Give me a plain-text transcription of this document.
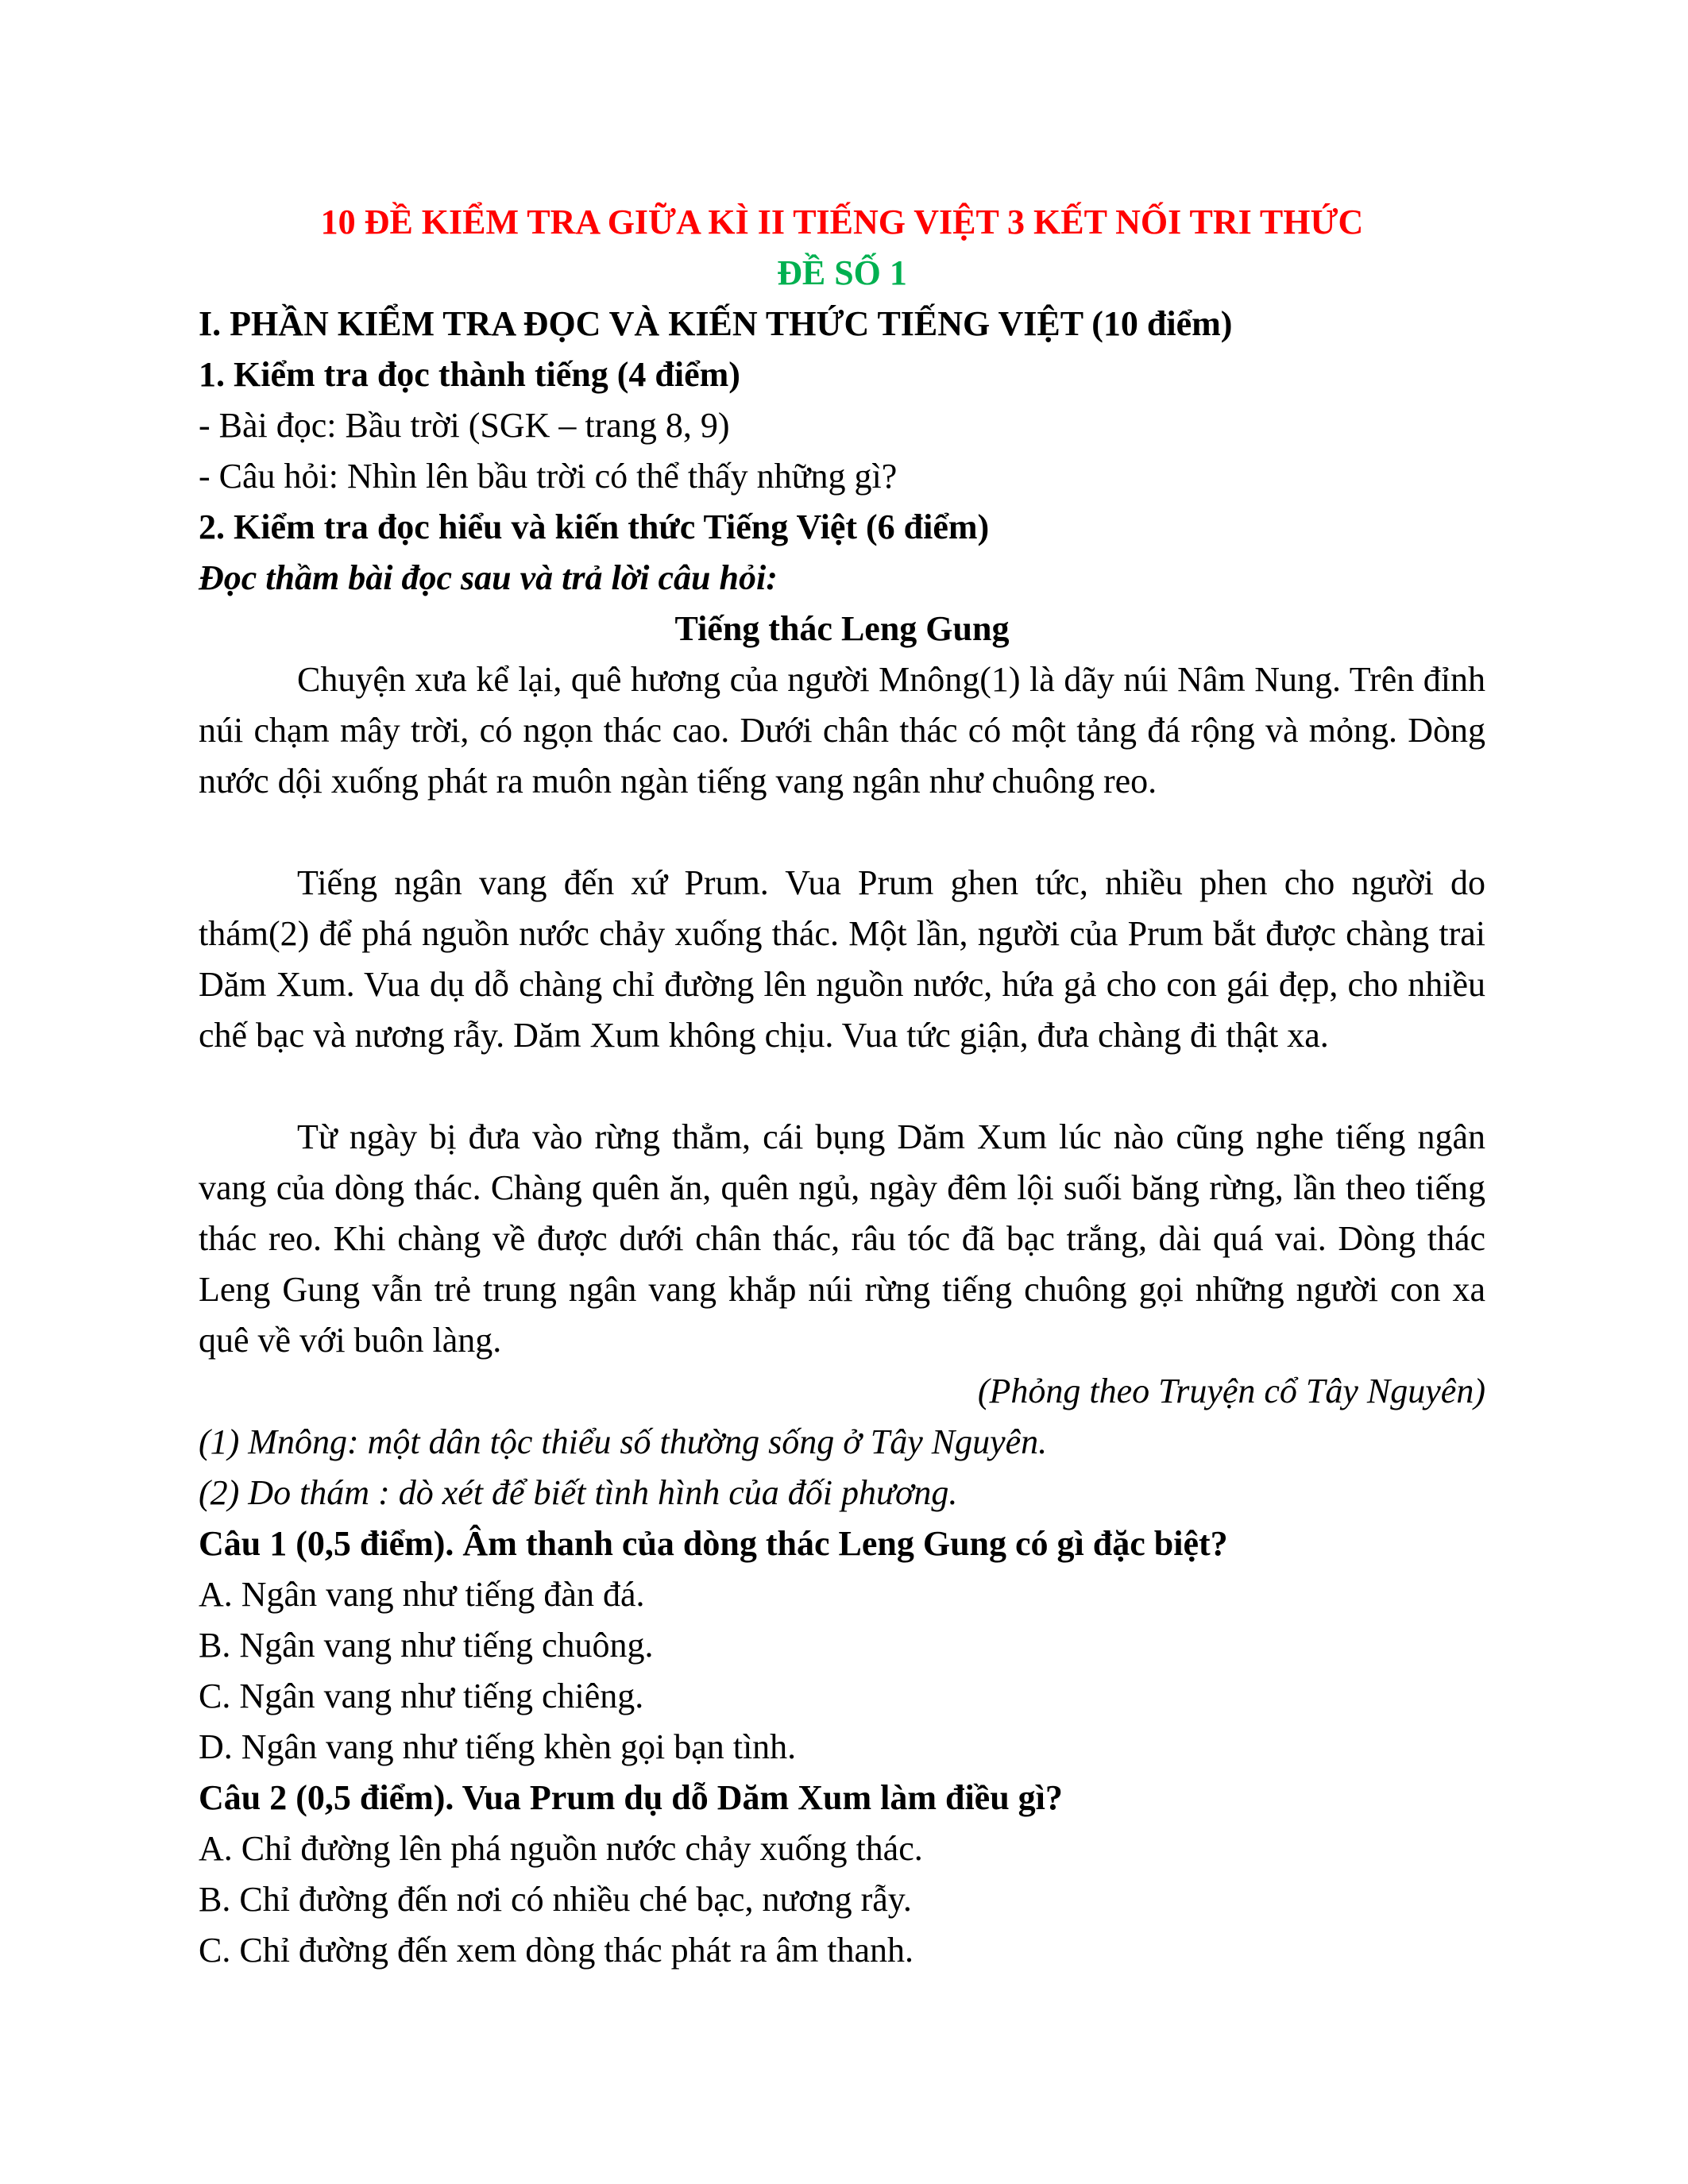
10 ĐỀ KIỂM TRA GIỮA KÌ II TIẾNG VIỆT 3 KẾT NỐI TRI THỨC
ĐỀ SỐ 1
I. PHẦN KIỂM TRA ĐỌC VÀ KIẾN THỨC TIẾNG VIỆT (10 điểm)
1. Kiểm tra đọc thành tiếng (4 điểm)
- Bài đọc: Bầu trời (SGK – trang 8, 9)
- Câu hỏi: Nhìn lên bầu trời có thể thấy những gì?
2. Kiểm tra đọc hiểu và kiến thức Tiếng Việt (6 điểm)
Đọc thầm bài đọc sau và trả lời câu hỏi:
Tiếng thác Leng Gung
Chuyện xưa kể lại, quê hương của người Mnông(1) là dãy núi Nâm Nung. Trên đỉnh núi chạm mây trời, có ngọn thác cao. Dưới chân thác có một tảng đá rộng và mỏng. Dòng nước dội xuống phát ra muôn ngàn tiếng vang ngân như chuông reo.
Tiếng ngân vang đến xứ Prum. Vua Prum ghen tức, nhiều phen cho người do thám(2) để phá nguồn nước chảy xuống thác. Một lần, người của Prum bắt được chàng trai Dăm Xum. Vua dụ dỗ chàng chỉ đường lên nguồn nước, hứa gả cho con gái đẹp, cho nhiều chế bạc và nương rẫy. Dăm Xum không chịu. Vua tức giận, đưa chàng đi thật xa.
Từ ngày bị đưa vào rừng thẳm, cái bụng Dăm Xum lúc nào cũng nghe tiếng ngân vang của dòng thác. Chàng quên ăn, quên ngủ, ngày đêm lội suối băng rừng, lần theo tiếng thác reo. Khi chàng về được dưới chân thác, râu tóc đã bạc trắng, dài quá vai. Dòng thác Leng Gung vẫn trẻ trung ngân vang khắp núi rừng tiếng chuông gọi những người con xa quê về với buôn làng.
(Phỏng theo Truyện cổ Tây Nguyên)
(1) Mnông: một dân tộc thiểu số thường sống ở Tây Nguyên.
(2) Do thám : dò xét để biết tình hình của đối phương.
Câu 1 (0,5 điểm). Âm thanh của dòng thác Leng Gung có gì đặc biệt?
A. Ngân vang như tiếng đàn đá.
B. Ngân vang như tiếng chuông.
C. Ngân vang như tiếng chiêng.
D. Ngân vang như tiếng khèn gọi bạn tình.
Câu 2 (0,5 điểm). Vua Prum dụ dỗ Dăm Xum làm điều gì?
A. Chỉ đường lên phá nguồn nước chảy xuống thác.
B. Chỉ đường đến nơi có nhiều ché bạc, nương rẫy.
C. Chỉ đường đến xem dòng thác phát ra âm thanh.
